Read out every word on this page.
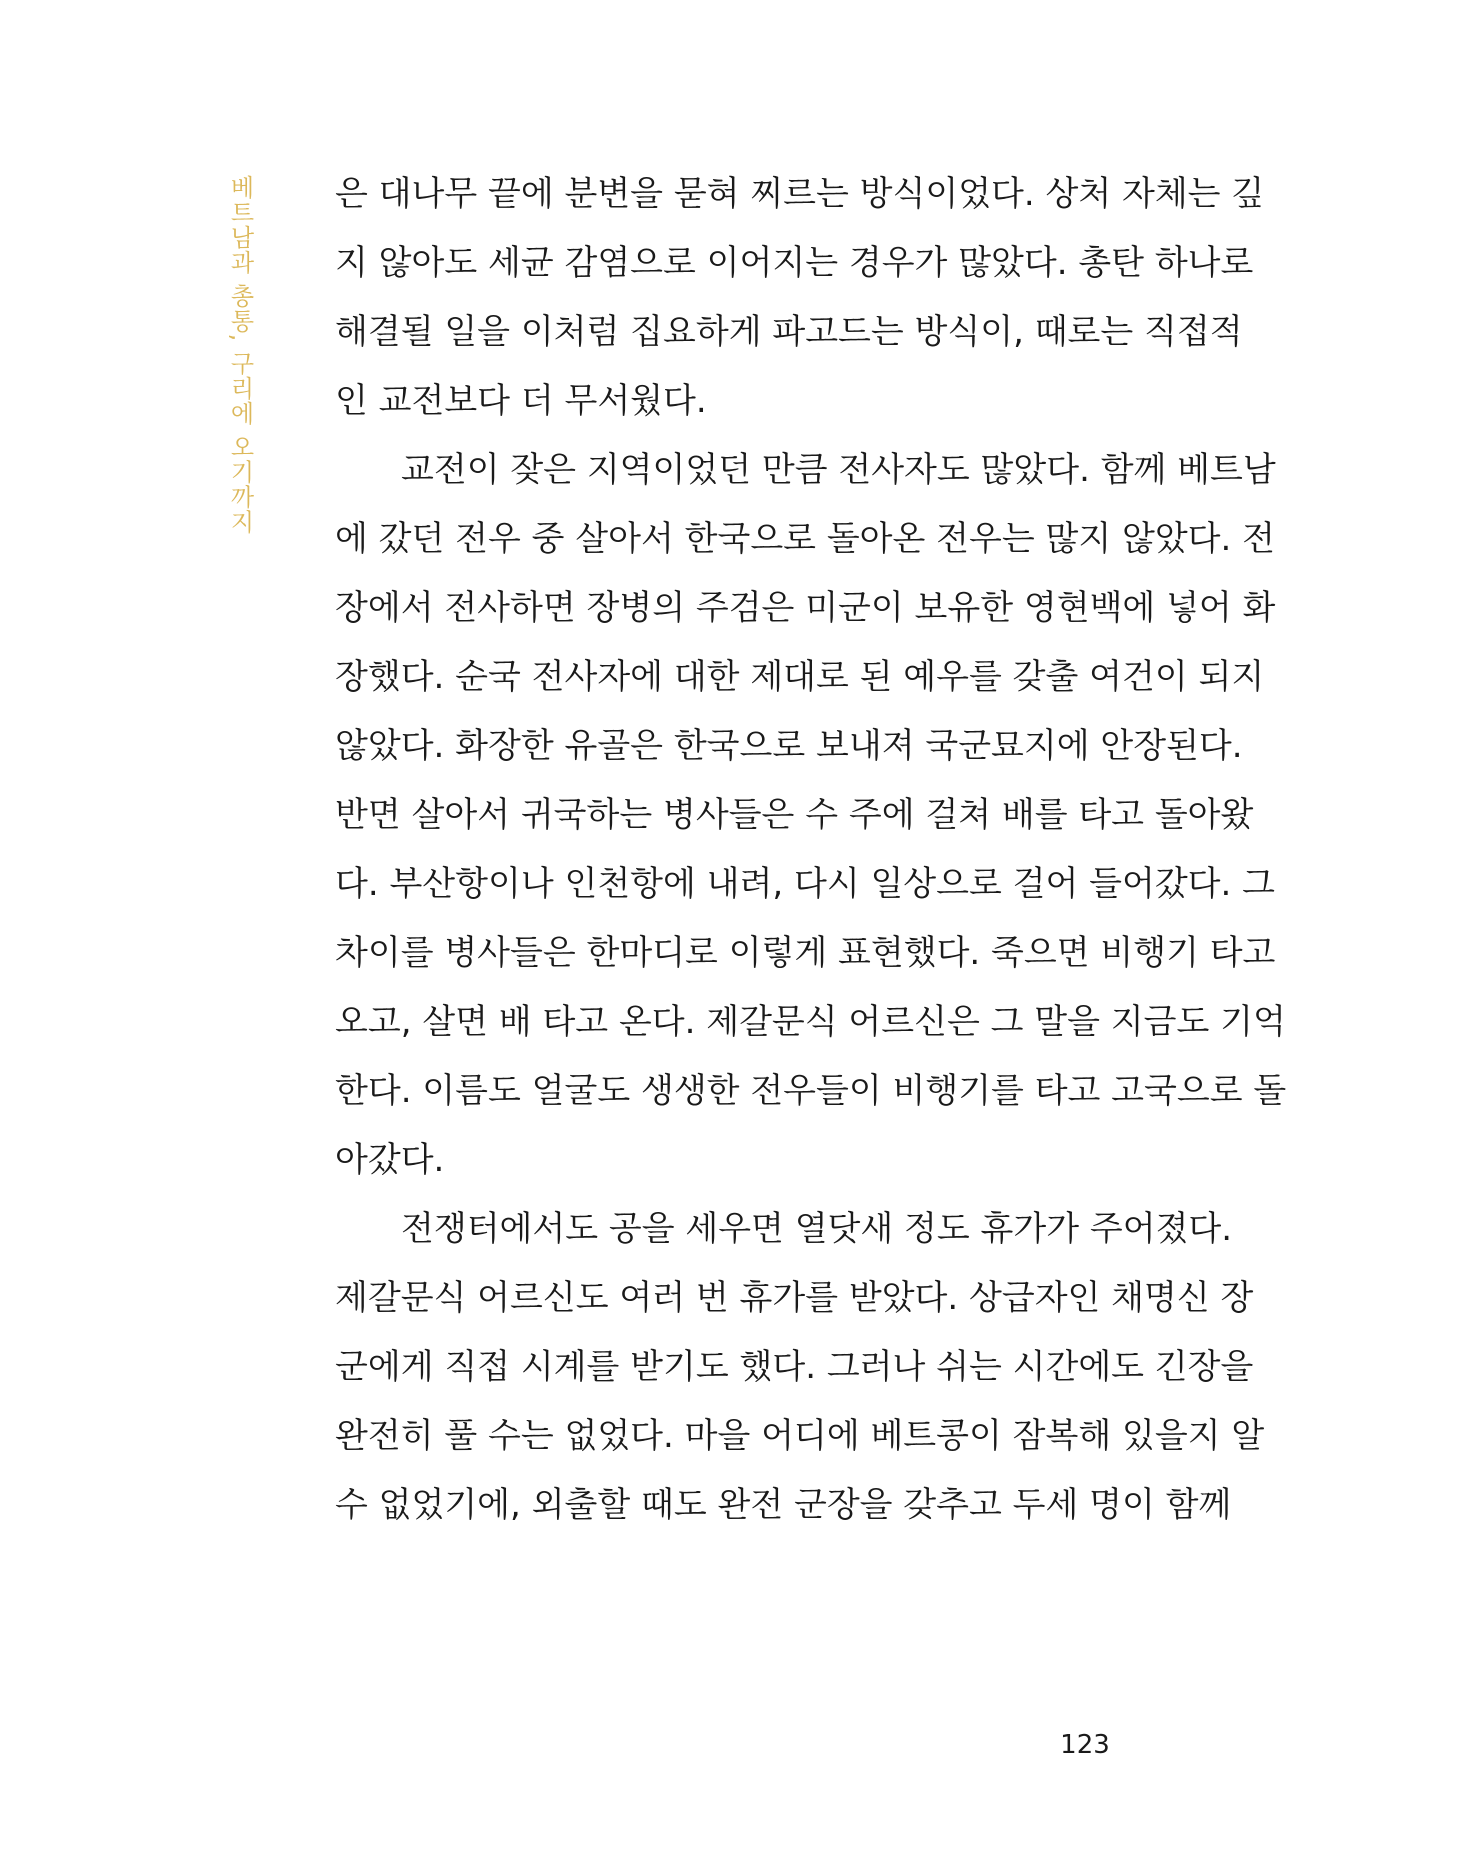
베트남과 총통, 구리에 오기까지 은 대나무 끝에 분변을 묻혀 찌르는 방식이었다. 상처 자체는 깊
지 않아도 세균 감염으로 이어지는 경우가 많았다. 총탄 하나로
해결될 일을 이처럼 집요하게 파고드는 방식이, 때로는 직접적
인 교전보다 더 무서웠다.
교전이 잦은 지역이었던 만큼 전사자도 많았다. 함께 베트남
에 갔던 전우 중 살아서 한국으로 돌아온 전우는 많지 않았다. 전
장에서 전사하면 장병의 주검은 미군이 보유한 영현백에 넣어 화
장했다. 순국 전사자에 대한 제대로 된 예우를 갖출 여건이 되지
않았다. 화장한 유골은 한국으로 보내져 국군묘지에 안장된다.
반면 살아서 귀국하는 병사들은 수 주에 걸쳐 배를 타고 돌아왔
다. 부산항이나 인천항에 내려, 다시 일상으로 걸어 들어갔다. 그
차이를 병사들은 한마디로 이렇게 표현했다. 죽으면 비행기 타고
오고, 살면 배 타고 온다. 제갈문식 어르신은 그 말을 지금도 기억
한다. 이름도 얼굴도 생생한 전우들이 비행기를 타고 고국으로 돌
아갔다.
전쟁터에서도 공을 세우면 열닷새 정도 휴가가 주어졌다.
제갈문식 어르신도 여러 번 휴가를 받았다. 상급자인 채명신 장
군에게 직접 시계를 받기도 했다. 그러나 쉬는 시간에도 긴장을
완전히 풀 수는 없었다. 마을 어디에 베트콩이 잠복해 있을지 알
수 없었기에, 외출할 때도 완전 군장을 갖추고 두세 명이 함께
123
